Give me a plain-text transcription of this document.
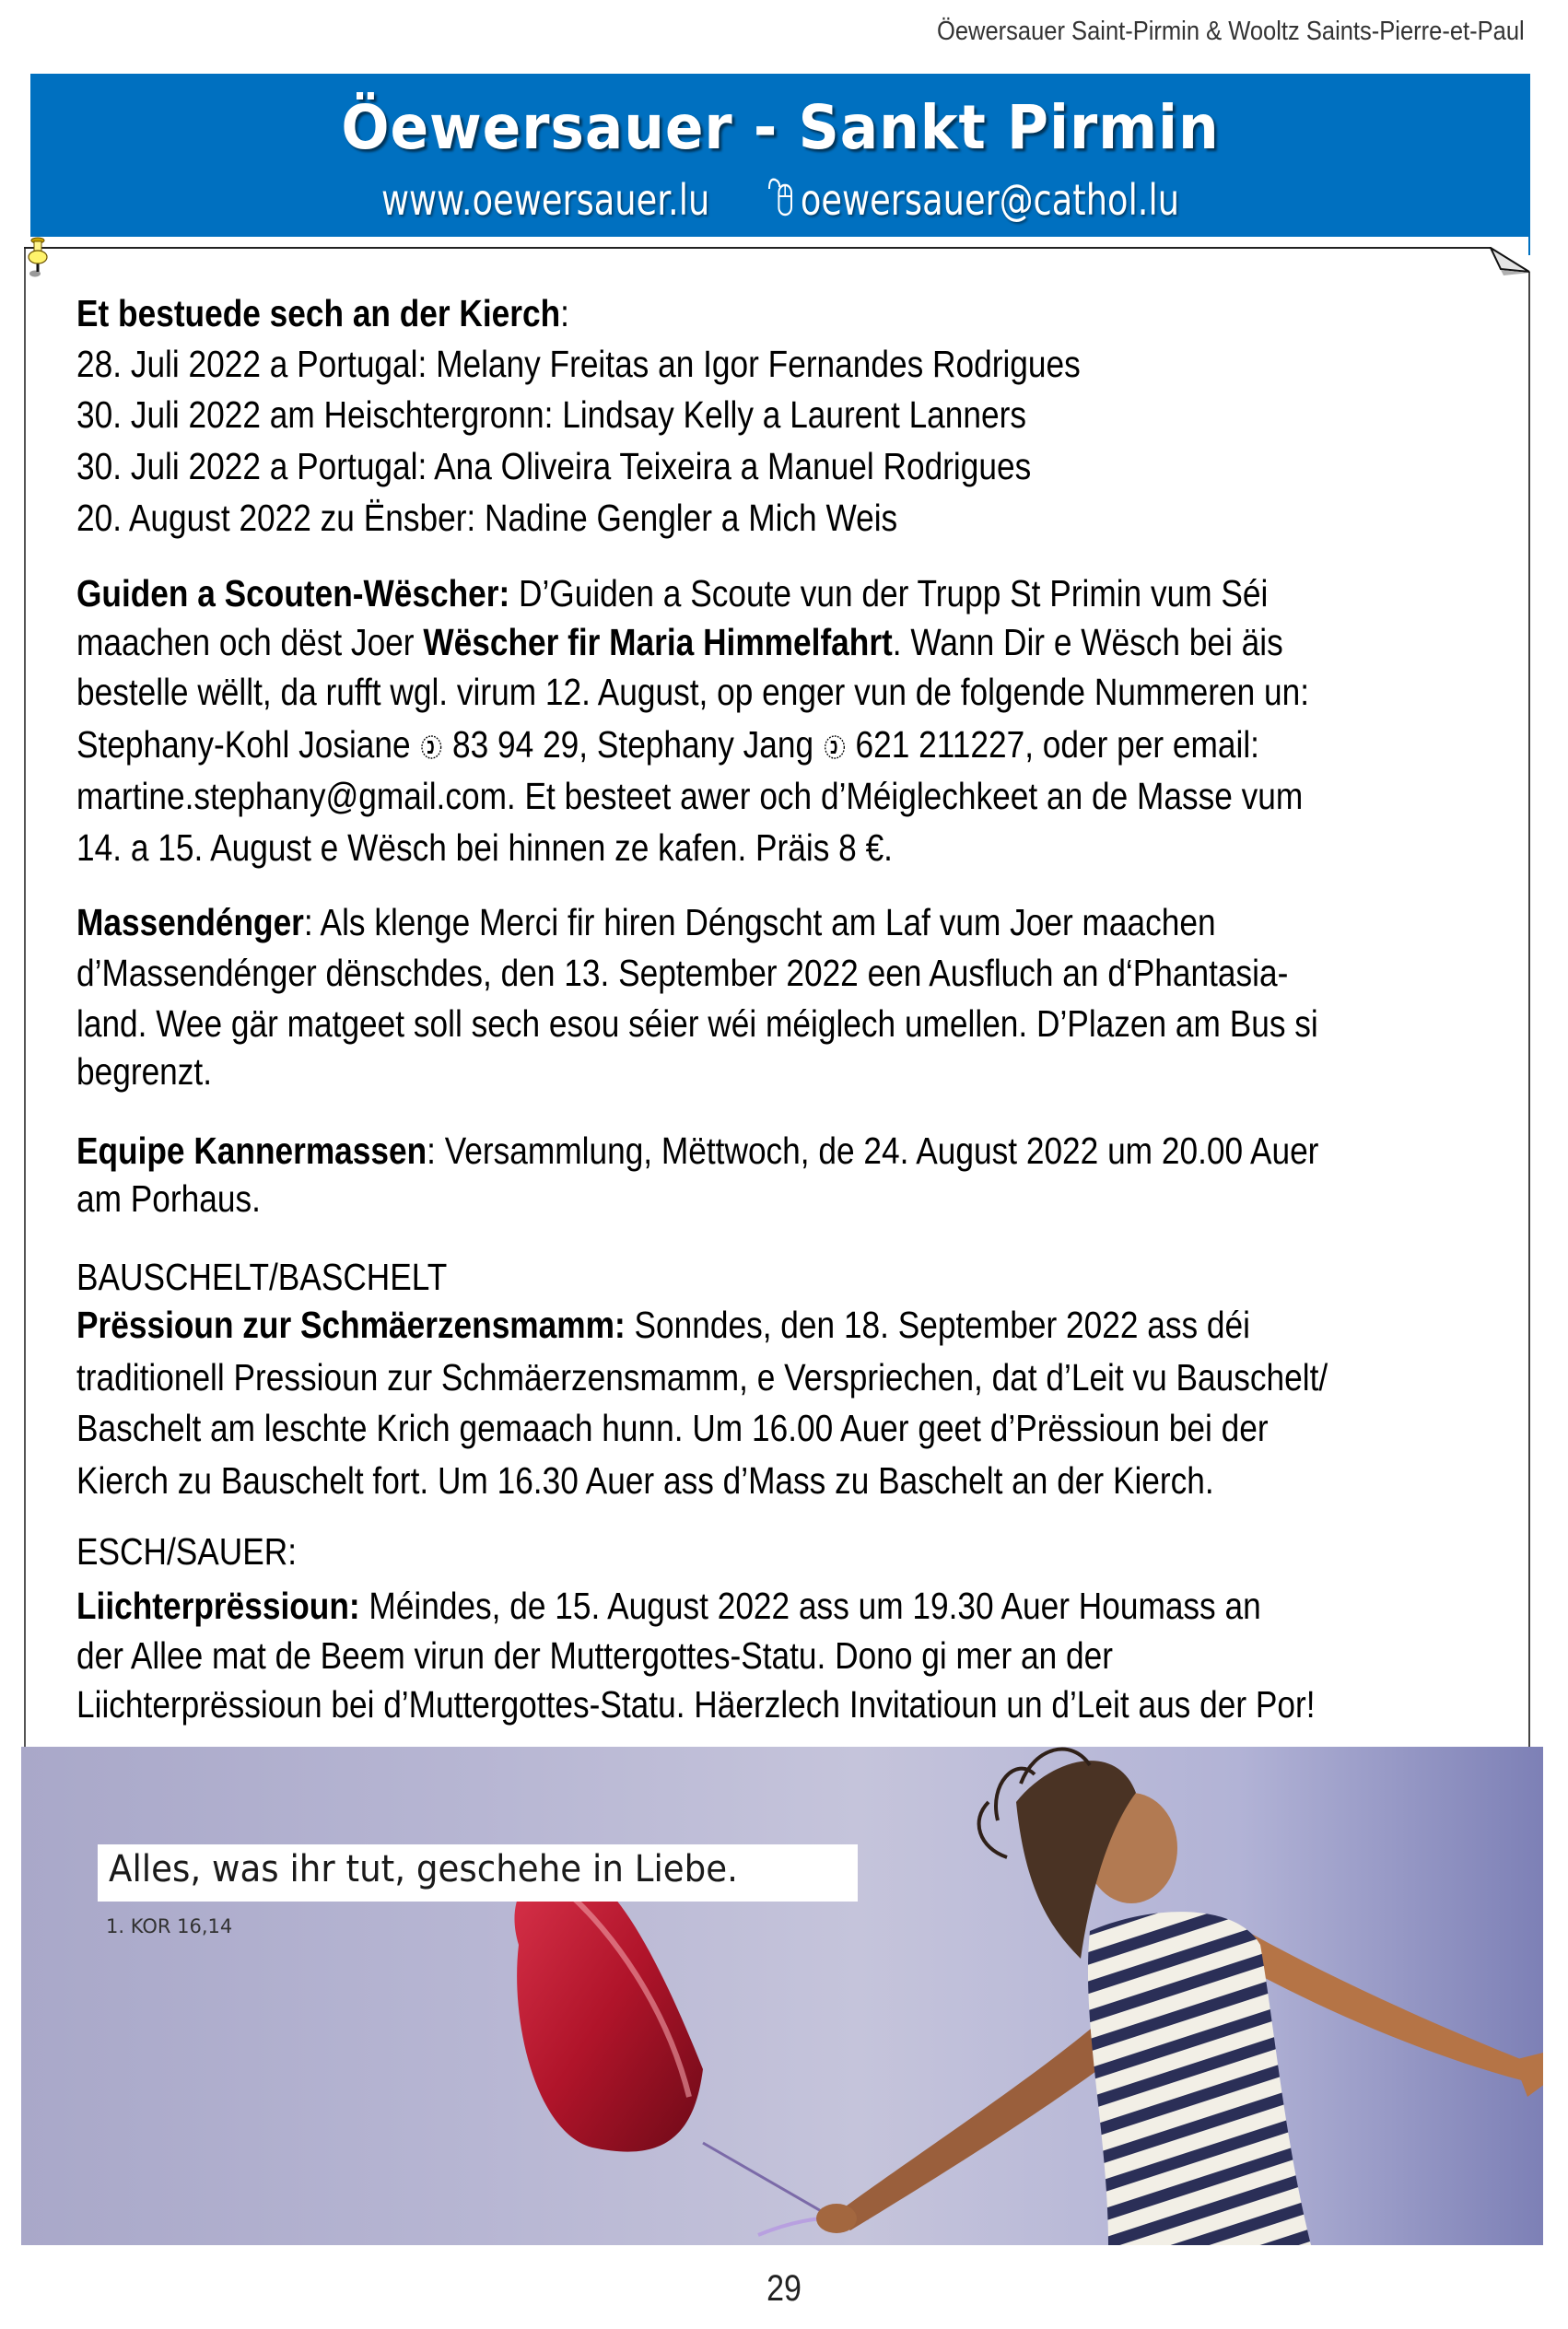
Öewersauer Saint-Pirmin & Wooltz Saints-Pierre-et-Paul
Öewersauer - Sankt Pirmin
www.oewersauer.lu oewersauer@cathol.lu
Et bestuede sech an der Kierch:
28. Juli 2022 a Portugal: Melany Freitas an Igor Fernandes Rodrigues
30. Juli 2022 am Heischtergronn: Lindsay Kelly a Laurent Lanners
30. Juli 2022 a Portugal: Ana Oliveira Teixeira a Manuel Rodrigues
20. August 2022 zu Ënsber: Nadine Gengler a Mich Weis
Guiden a Scouten-Wëscher: D’Guiden a Scoute vun der Trupp St Primin vum Séi
maachen och dëst Joer Wëscher fir Maria Himmelfahrt. Wann Dir e Wësch bei äis
bestelle wëllt, da rufft wgl. virum 12. August, op enger vun de folgende Nummeren un:
Stephany-Kohl Josiane  83 94 29, Stephany Jang  621 211227, oder per email:
martine.stephany@gmail.com. Et besteet awer och d’Méiglechkeet an de Masse vum
14. a 15. August e Wësch bei hinnen ze kafen. Präis 8 €.
Massendénger: Als klenge Merci fir hiren Déngscht am Laf vum Joer maachen
d’Massendénger dënschdes, den 13. September 2022 een Ausfluch an d‘Phantasia-
land. Wee gär matgeet soll sech esou séier wéi méiglech umellen. D’Plazen am Bus si
begrenzt.
Equipe Kannermassen: Versammlung, Mëttwoch, de 24. August 2022 um 20.00 Auer
am Porhaus.
BAUSCHELT/BASCHELT
Prëssioun zur Schmäerzensmamm: Sonndes, den 18. September 2022 ass déi
traditionell Pressioun zur Schmäerzensmamm, e Verspriechen, dat d’Leit vu Bauschelt/
Baschelt am leschte Krich gemaach hunn. Um 16.00 Auer geet d’Prëssioun bei der
Kierch zu Bauschelt fort. Um 16.30 Auer ass d’Mass zu Baschelt an der Kierch.
ESCH/SAUER:
Liichterprëssioun: Méindes, de 15. August 2022 ass um 19.30 Auer Houmass an
der Allee mat de Beem virun der Muttergottes-Statu. Dono gi mer an der
Liichterprëssioun bei d’Muttergottes-Statu. Häerzlech Invitatioun un d’Leit aus der Por!
Alles, was ihr tut, geschehe in Liebe.
1. KOR 16,14
29
